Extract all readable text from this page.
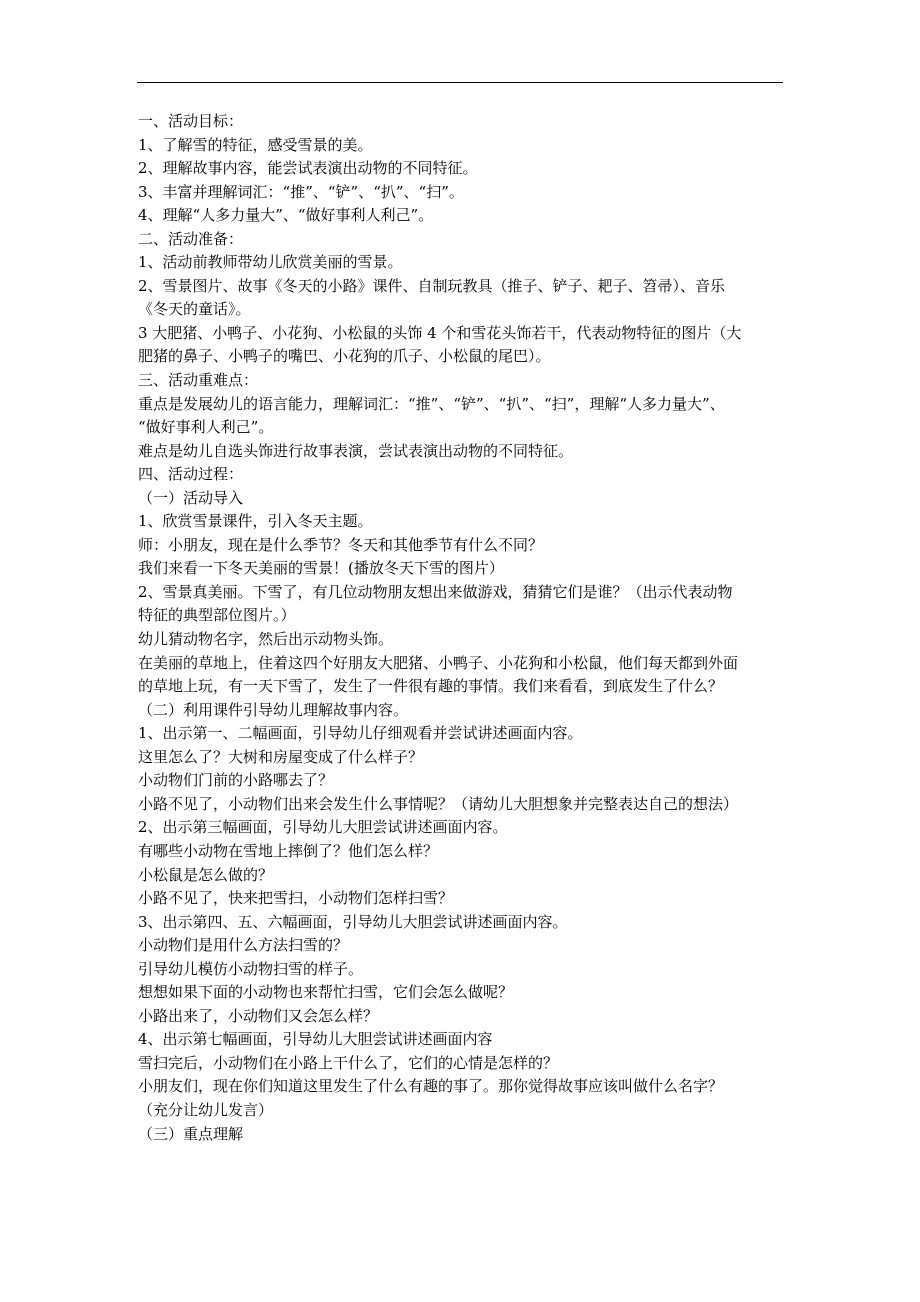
一、活动目标：
1、了解雪的特征，感受雪景的美。
2、理解故事内容，能尝试表演出动物的不同特征。
3、丰富并理解词汇：“推”、“铲”、“扒”、“扫”。
4、理解“人多力量大”、“做好事利人利己”。
二、活动准备：
1、活动前教师带幼儿欣赏美丽的雪景。
2、雪景图片、故事《冬天的小路》课件、自制玩教具（推子、铲子、耙子、笤帚）、音乐
《冬天的童话》。
3 大肥猪、小鸭子、小花狗、小松鼠的头饰 4 个和雪花头饰若干，代表动物特征的图片（大
肥猪的鼻子、小鸭子的嘴巴、小花狗的爪子、小松鼠的尾巴）。
三、活动重难点：
重点是发展幼儿的语言能力，理解词汇：“推”、“铲”、“扒”、“扫”，理解“人多力量大”、
“做好事利人利己”。
难点是幼儿自选头饰进行故事表演，尝试表演出动物的不同特征。
四、活动过程：
（一）活动导入
1、欣赏雪景课件，引入冬天主题。
师：小朋友，现在是什么季节？冬天和其他季节有什么不同？
我们来看一下冬天美丽的雪景！(播放冬天下雪的图片）
2、雪景真美丽。下雪了，有几位动物朋友想出来做游戏，猜猜它们是谁？（出示代表动物
特征的典型部位图片。）
幼儿猜动物名字，然后出示动物头饰。
在美丽的草地上，住着这四个好朋友大肥猪、小鸭子、小花狗和小松鼠，他们每天都到外面
的草地上玩，有一天下雪了，发生了一件很有趣的事情。我们来看看，到底发生了什么？
（二）利用课件引导幼儿理解故事内容。
1、出示第一、二幅画面，引导幼儿仔细观看并尝试讲述画面内容。
这里怎么了？大树和房屋变成了什么样子？
小动物们门前的小路哪去了？
小路不见了，小动物们出来会发生什么事情呢？（请幼儿大胆想象并完整表达自己的想法）
2、出示第三幅画面，引导幼儿大胆尝试讲述画面内容。
有哪些小动物在雪地上摔倒了？他们怎么样？
小松鼠是怎么做的？
小路不见了，快来把雪扫，小动物们怎样扫雪？
3、出示第四、五、六幅画面，引导幼儿大胆尝试讲述画面内容。
小动物们是用什么方法扫雪的？
引导幼儿模仿小动物扫雪的样子。
想想如果下面的小动物也来帮忙扫雪，它们会怎么做呢？
小路出来了，小动物们又会怎么样？
4、出示第七幅画面，引导幼儿大胆尝试讲述画面内容
雪扫完后，小动物们在小路上干什么了，它们的心情是怎样的？
小朋友们，现在你们知道这里发生了什么有趣的事了。那你觉得故事应该叫做什么名字？
（充分让幼儿发言）
（三）重点理解
